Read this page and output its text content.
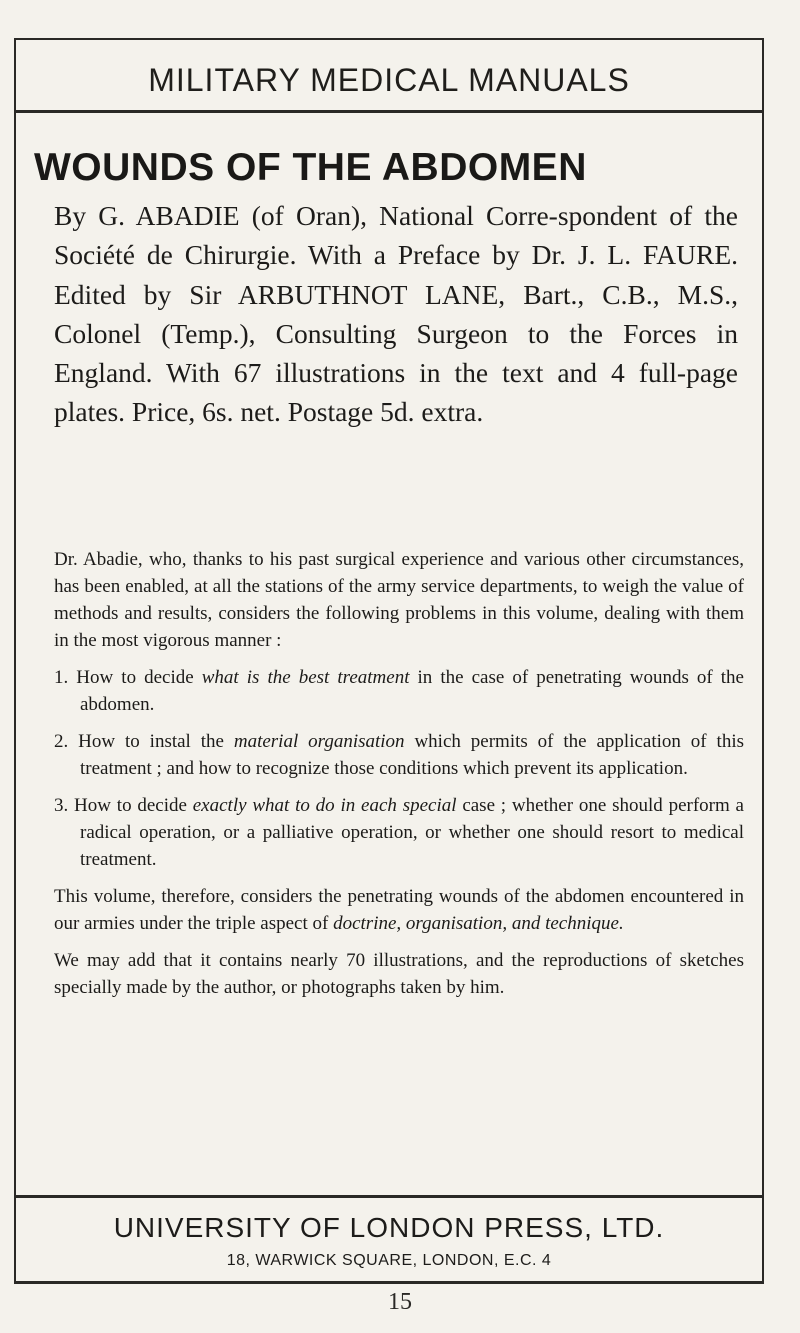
MILITARY MEDICAL MANUALS
WOUNDS OF THE ABDOMEN
By G. ABADIE (of Oran), National Corre-spondent of the Société de Chirurgie. With a Preface by Dr. J. L. FAURE. Edited by Sir ARBUTHNOT LANE, Bart., C.B., M.S., Colonel (Temp.), Consulting Surgeon to the Forces in England. With 67 illustrations in the text and 4 full-page plates. Price, 6s. net. Postage 5d. extra.

Dr. Abadie, who, thanks to his past surgical experience and various other circumstances, has been enabled, at all the stations of the army service departments, to weigh the value of methods and results, considers the following problems in this volume, dealing with them in the most vigorous manner :

1. How to decide what is the best treatment in the case of penetrating wounds of the abdomen.

2. How to instal the material organisation which permits of the application of this treatment ; and how to recognize those conditions which prevent its application.

3. How to decide exactly what to do in each special case ; whether one should perform a radical operation, or a palliative operation, or whether one should resort to medical treatment.

This volume, therefore, considers the penetrating wounds of the abdomen encountered in our armies under the triple aspect of doctrine, organisation, and technique.

We may add that it contains nearly 70 illustrations, and the reproductions of sketches specially made by the author, or photographs taken by him.

UNIVERSITY OF LONDON PRESS, LTD.
18, WARWICK SQUARE, LONDON, E.C. 4
15
